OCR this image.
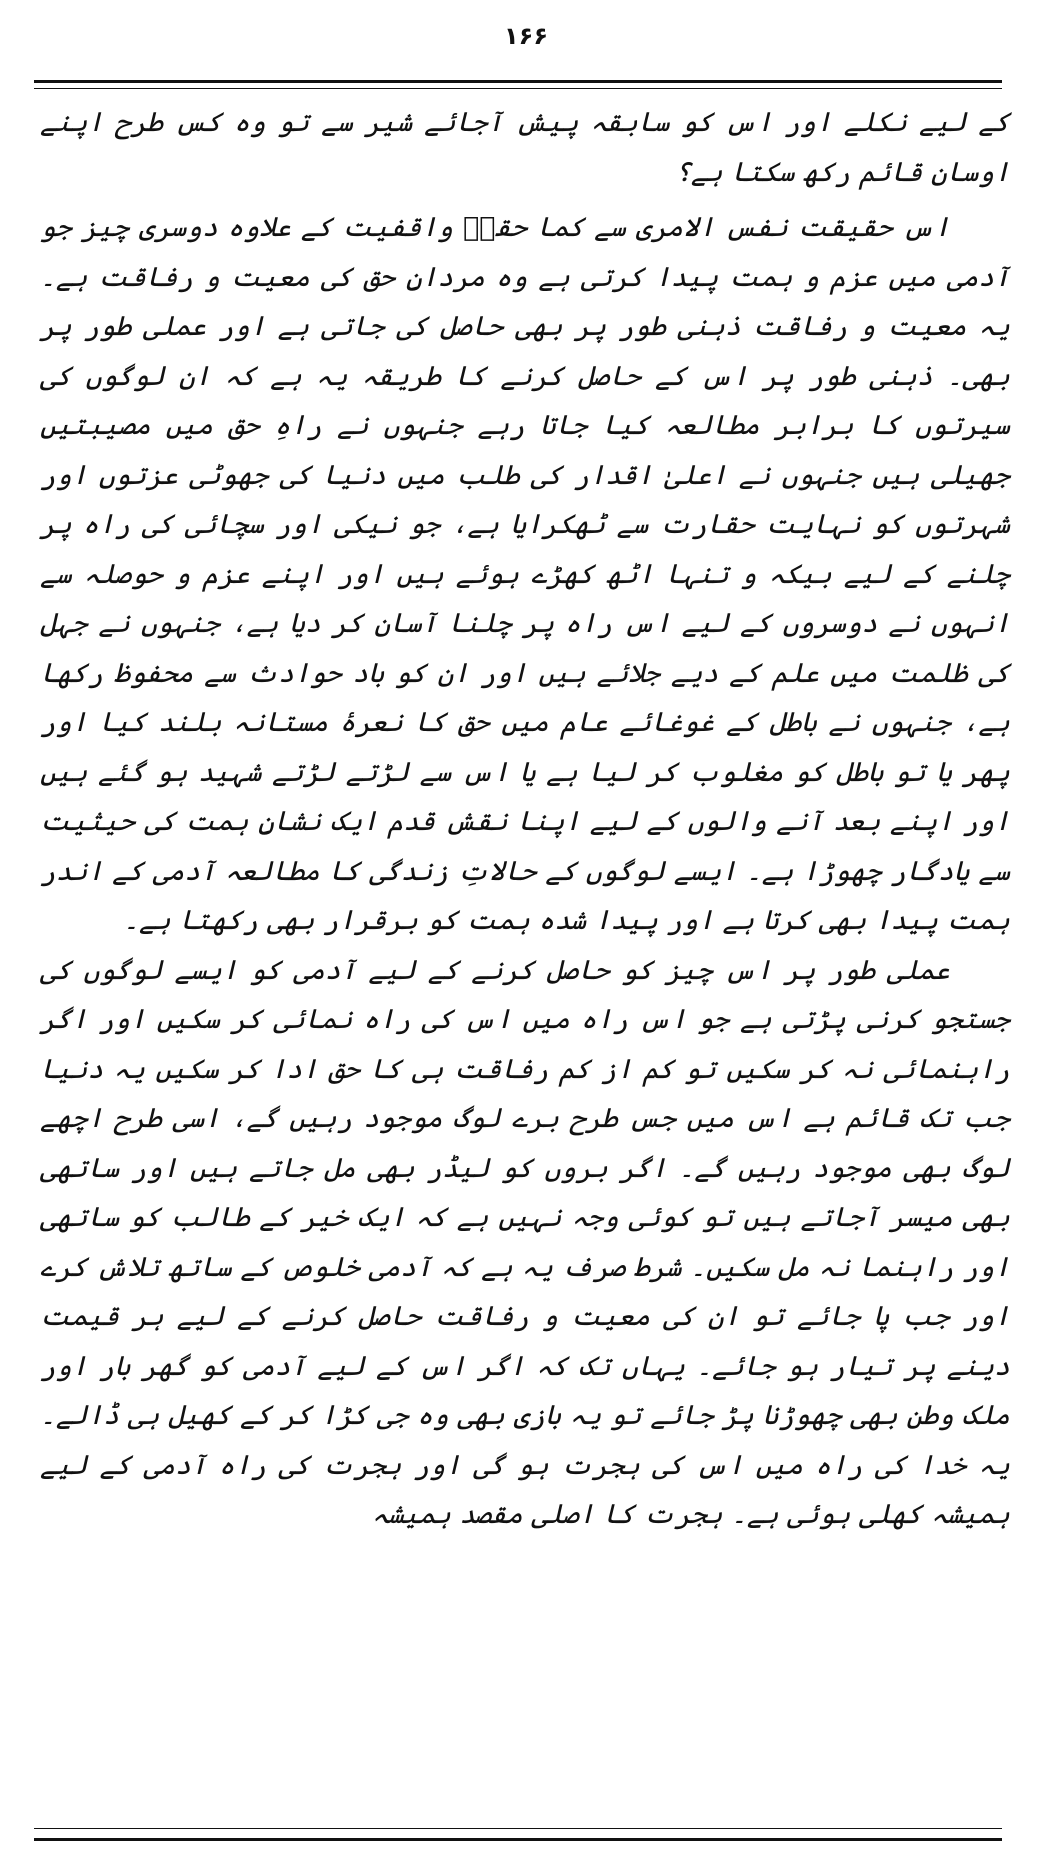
۱۶۶

کے لیے نکلے اور اس کو سابقہ پیش آجائے شیر سے تو وہ کس طرح اپنے اوسان قائم رکھ سکتا ہے؟

اس حقیقت نفس الامری سے کما حقہٗ واقفیت کے علاوہ دوسری چیز جو آدمی میں عزم و ہمت پیدا کرتی ہے وہ مردانِ حق کی معیت و رفاقت ہے۔ یہ معیت و رفاقت ذہنی طور پر بھی حاصل کی جاتی ہے اور عملی طور پر بھی۔ ذہنی طور پر اس کے حاصل کرنے کا طریقہ یہ ہے کہ ان لوگوں کی سیرتوں کا برابر مطالعہ کیا جاتا رہے جنہوں نے راہِ حق میں مصیبتیں جھیلی ہیں جنہوں نے اعلیٰ اقدار کی طلب میں دنیا کی جھوٹی عزتوں اور شہرتوں کو نہایت حقارت سے ٹھکرایا ہے، جو نیکی اور سچائی کی راہ پر چلنے کے لیے بیکہ و تنہا اٹھ کھڑے ہوئے ہیں اور اپنے عزم و حوصلہ سے انہوں نے دوسروں کے لیے اس راہ پر چلنا آسان کر دیا ہے، جنہوں نے جہل کی ظلمت میں علم کے دیے جلائے ہیں اور ان کو باد حوادث سے محفوظ رکھا ہے، جنہوں نے باطل کے غوغائے عام میں حق کا نعرۂ مستانہ بلند کیا اور پھر یا تو باطل کو مغلوب کر لیا ہے یا اس سے لڑتے لڑتے شہید ہو گئے ہیں اور اپنے بعد آنے والوں کے لیے اپنا نقش قدم ایک نشانِ ہمت کی حیثیت سے یادگار چھوڑا ہے۔ ایسے لوگوں کے حالاتِ زندگی کا مطالعہ آدمی کے اندر ہمت پیدا بھی کرتا ہے اور پیدا شدہ ہمت کو برقرار بھی رکھتا ہے۔

عملی طور پر اس چیز کو حاصل کرنے کے لیے آدمی کو ایسے لوگوں کی جستجو کرنی پڑتی ہے جو اس راہ میں اس کی راہ نمائی کر سکیں اور اگر راہنمائی نہ کر سکیں تو کم از کم رفاقت ہی کا حق ادا کر سکیں یہ دنیا جب تک قائم ہے اس میں جس طرح برے لوگ موجود رہیں گے، اسی طرح اچھے لوگ بھی موجود رہیں گے۔ اگر بروں کو لیڈر بھی مل جاتے ہیں اور ساتھی بھی میسر آجاتے ہیں تو کوئی وجہ نہیں ہے کہ ایک خیر کے طالب کو ساتھی اور راہنما نہ مل سکیں۔ شرط صرف یہ ہے کہ آدمی خلوص کے ساتھ تلاش کرے اور جب پا جائے تو ان کی معیت و رفاقت حاصل کرنے کے لیے ہر قیمت دینے پر تیار ہو جائے۔ یہاں تک کہ اگر اس کے لیے آدمی کو گھر بار اور ملک وطن بھی چھوڑنا پڑ جائے تو یہ بازی بھی وہ جی کڑا کر کے کھیل ہی ڈالے۔ یہ خدا کی راہ میں اس کی ہجرت ہو گی اور ہجرت کی راہ آدمی کے لیے ہمیشہ کھلی ہوئی ہے۔ ہجرت کا اصلی مقصد ہمیشہ
